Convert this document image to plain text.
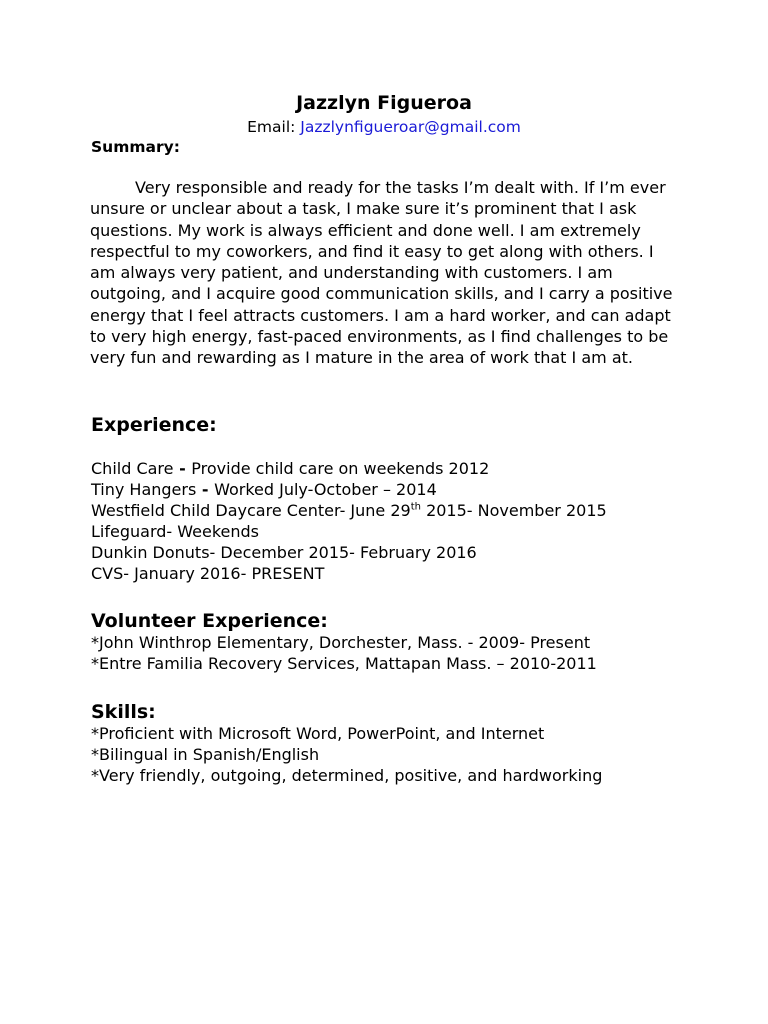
Jazzlyn Figueroa
Email: Jazzlynfigueroar@gmail.com
Summary:
Very responsible and ready for the tasks I’m dealt with. If I’m ever unsure or unclear about a task, I make sure it’s prominent that I ask questions. My work is always efficient and done well. I am extremely respectful to my coworkers, and find it easy to get along with others. I am always very patient, and understanding with customers. I am outgoing, and I acquire good communication skills, and I carry a positive energy that I feel attracts customers. I am a hard worker, and can adapt to very high energy, fast-paced environments, as I find challenges to be very fun and rewarding as I mature in the area of work that I am at.
Experience:
Child Care - Provide child care on weekends 2012
Tiny Hangers - Worked July-October – 2014
Westfield Child Daycare Center- June 29th 2015- November 2015
Lifeguard- Weekends
Dunkin Donuts- December 2015- February 2016
CVS- January 2016- PRESENT
Volunteer Experience:
*John Winthrop Elementary, Dorchester, Mass. - 2009- Present
*Entre Familia Recovery Services, Mattapan Mass. – 2010-2011
Skills:
*Proficient with Microsoft Word, PowerPoint, and Internet
*Bilingual in Spanish/English
*Very friendly, outgoing, determined, positive, and hardworking
